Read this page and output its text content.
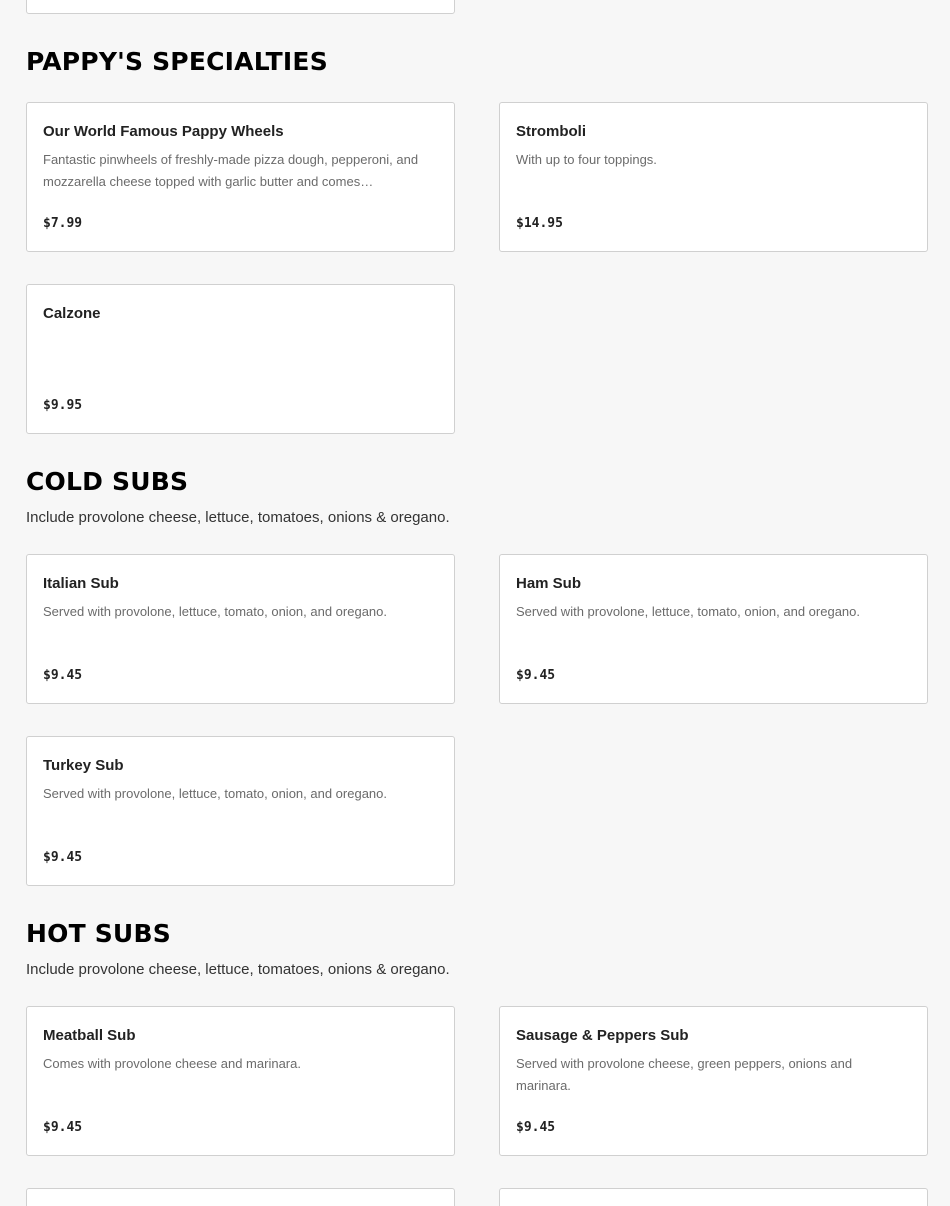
PAPPY'S SPECIALTIES
Our World Famous Pappy Wheels
Fantastic pinwheels of freshly-made pizza dough, pepperoni, and mozzarella cheese topped with garlic butter and comes…
$7.99
Stromboli
With up to four toppings.
$14.95
Calzone
$9.95
COLD SUBS

Include provolone cheese, lettuce, tomatoes, onions & oregano.

Italian Sub
Served with provolone, lettuce, tomato, onion, and oregano.
$9.45
Ham Sub
Served with provolone, lettuce, tomato, onion, and oregano.
$9.45
Turkey Sub
Served with provolone, lettuce, tomato, onion, and oregano.
$9.45
HOT SUBS

Include provolone cheese, lettuce, tomatoes, onions & oregano.

Meatball Sub
Comes with provolone cheese and marinara.
$9.45
Sausage & Peppers Sub
Served with provolone cheese, green peppers, onions and marinara.
$9.45
